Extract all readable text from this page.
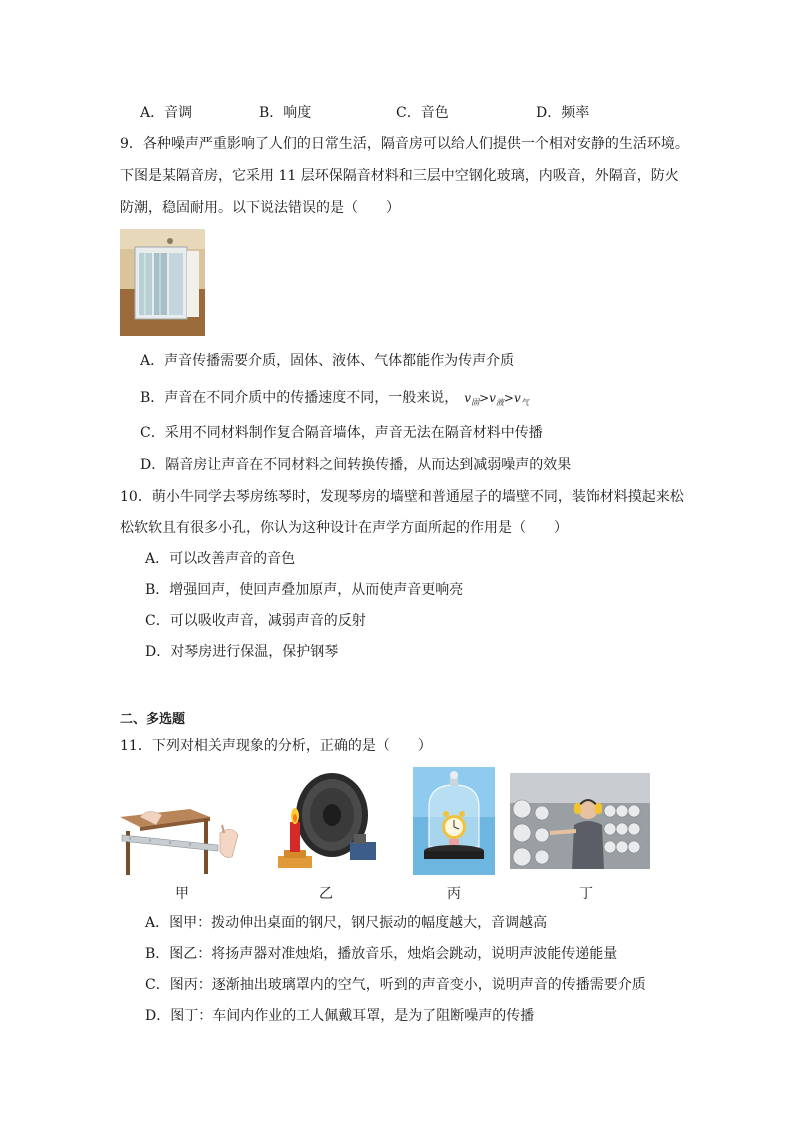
A．音调	B．响度	C．音色	D．频率
9．各种噪声严重影响了人们的日常生活，隔音房可以给人们提供一个相对安静的生活环境。
下图是某隔音房，它采用 11 层环保隔音材料和三层中空钢化玻璃，内吸音，外隔音，防火
防潮，稳固耐用。以下说法错误的是（　　）
A．声音传播需要介质，固体、液体、气体都能作为传声介质
B．声音在不同介质中的传播速度不同，一般来说， $v_固>v_液>v_气$
C．采用不同材料制作复合隔音墙体，声音无法在隔音材料中传播
D．隔音房让声音在不同材料之间转换传播，从而达到减弱噪声的效果
10．萌小牛同学去琴房练琴时，发现琴房的墙壁和普通屋子的墙壁不同，装饰材料摸起来松
松软软且有很多小孔，你认为这种设计在声学方面所起的作用是（　　）
A．可以改善声音的音色
B．增强回声，使回声叠加原声，从而使声音更响亮
C．可以吸收声音，减弱声音的反射
D．对琴房进行保温，保护钢琴
二、多选题
11．下列对相关声现象的分析，正确的是（　　）
甲	乙	丙	丁
A．图甲：拨动伸出桌面的钢尺，钢尺振动的幅度越大，音调越高
B．图乙：将扬声器对准烛焰，播放音乐，烛焰会跳动，说明声波能传递能量
C．图丙：逐渐抽出玻璃罩内的空气，听到的声音变小，说明声音的传播需要介质
D．图丁：车间内作业的工人佩戴耳罩，是为了阻断噪声的传播
